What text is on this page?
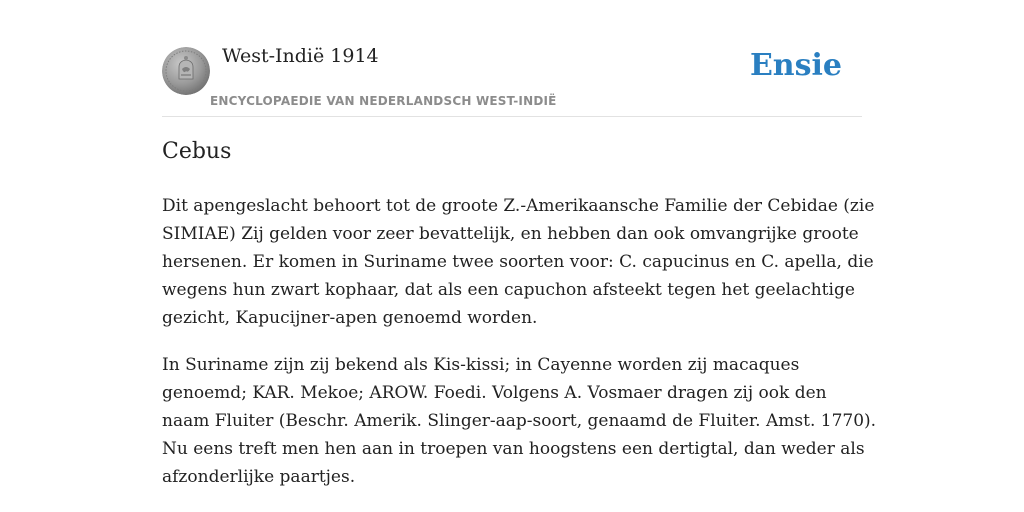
West-Indië 1914
ENCYCLOPAEDIE VAN NEDERLANDSCH WEST-INDIË
Ensie
Cebus

Dit apengeslacht behoort tot de groote Z.-Amerikaansche Familie der Cebidae (zie
SIMIAE) Zij gelden voor zeer bevattelijk, en hebben dan ook omvangrijke groote
hersenen. Er komen in Suriname twee soorten voor: C. capucinus en C. apella, die
wegens hun zwart kophaar, dat als een capuchon afsteekt tegen het geelachtige
gezicht, Kapucijner-apen genoemd worden.

In Suriname zijn zij bekend als Kis-kissi; in Cayenne worden zij macaques
genoemd; KAR. Mekoe; AROW. Foedi. Volgens A. Vosmaer dragen zij ook den
naam Fluiter (Beschr. Amerik. Slinger-aap-soort, genaamd de Fluiter. Amst. 1770).
Nu eens treft men hen aan in troepen van hoogstens een dertigtal, dan weder als
afzonderlijke paartjes.
